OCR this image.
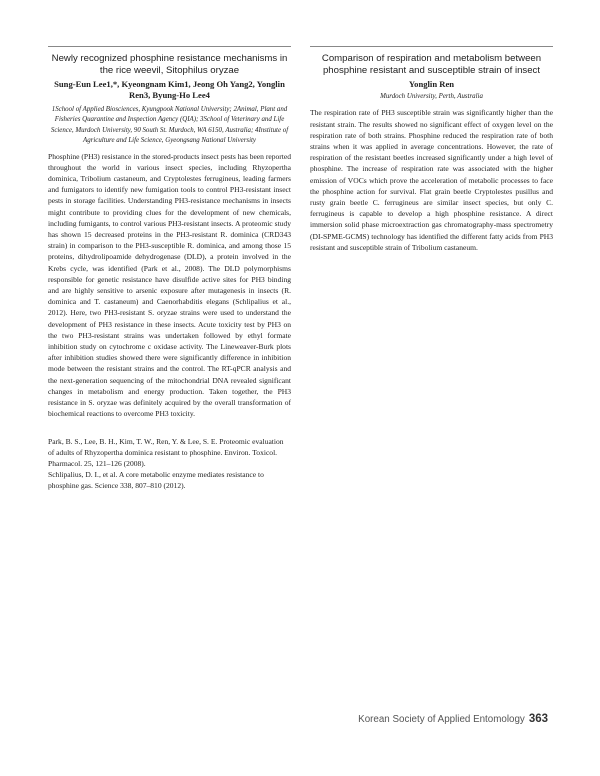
Newly recognized phosphine resistance mechanisms in the rice weevil, Sitophilus oryzae

Sung-Eun Lee1,*, Kyeongnam Kim1, Jeong Oh Yang2, Yonglin Ren3, Byung-Ho Lee4

1School of Applied Biosciences, Kyungpook National University; 2Animal, Plant and Fisheries Quarantine and Inspection Agency (QIA); 3School of Veterinary and Life Science, Murdoch University, 90 South St. Murdoch, WA 6150, Australia; 4Institute of Agriculture and Life Science, Gyeongsang National University

Phosphine (PH3) resistance in the stored-products insect pests has been reported throughout the world in various insect species, including Rhyzopertha dominica, Tribolium castaneum, and Cryptolestes ferrugineus, leading farmers and fumigators to identify new fumigation tools to control PH3-resistant insect pests in storage facilities. Understanding PH3-resistance mechanisms in insects might contribute to providing clues for the development of new chemicals, including fumigants, to control various PH3-resistant insects. A proteomic study has shown 15 decreased proteins in the PH3-resistant R. dominica (CRD343 strain) in comparison to the PH3-susceptible R. dominica, and among those 15 proteins, dihydrolipoamide dehydrogenase (DLD), a protein involved in the Krebs cycle, was identified (Park et al., 2008). The DLD polymorphisms responsible for genetic resistance have disulfide active sites for PH3 binding and are highly sensitive to arsenic exposure after mutagenesis in insects (R. dominica and T. castaneum) and Caenorhabditis elegans (Schlipalius et al., 2012). Here, two PH3-resistant S. oryzae strains were used to understand the development of PH3 resistance in these insects. Acute toxicity test by PH3 on the two PH3-resistant strains was undertaken followed by ethyl formate inhibition study on cytochrome c oxidase activity. The Lineweaver-Burk plots after inhibition studies showed there were significantly difference in inhibition mode between the resistant strains and the control. The RT-qPCR analysis and the next-generation sequencing of the mitochondrial DNA revealed significant changes in metabolism and energy production. Taken together, the PH3 resistance in S. oryzae was definitely acquired by the overall transformation of biochemical reactions to overcome PH3 toxicity.

Park, B. S., Lee, B. H., Kim, T. W., Ren, Y. & Lee, S. E. Proteomic evaluation of adults of Rhyzopertha dominica resistant to phosphine. Environ. Toxicol. Pharmacol. 25, 121–126 (2008).

Schlipalius, D. I., et al. A core metabolic enzyme mediates resistance to phosphine gas. Science 338, 807–810 (2012).

Comparison of respiration and metabolism between phosphine resistant and susceptible strain of insect

Yonglin Ren

Murdoch University, Perth, Australia

The respiration rate of PH3 susceptible strain was significantly higher than the resistant strain. The results showed no significant effect of oxygen level on the respiration rate of both strains. Phosphine reduced the respiration rate of both strains when it was applied in average concentrations. However, the rate of respiration of the resistant beetles increased significantly under a high level of phosphine. The increase of respiration rate was associated with the higher emission of VOCs which prove the acceleration of metabolic processes to face the phosphine action for survival. Flat grain beetle Cryptolestes pusillus and rusty grain beetle C. ferrugineus are similar insect species, but only C. ferrugineus is capable to develop a high phosphine resistance. A direct immersion solid phase microextraction gas chromatography-mass spectrometry (DI-SPME-GCMS) technology has identified the different fatty acids from PH3 resistant and susceptible strain of Tribolium castaneum.

Korean Society of Applied Entomology 363
